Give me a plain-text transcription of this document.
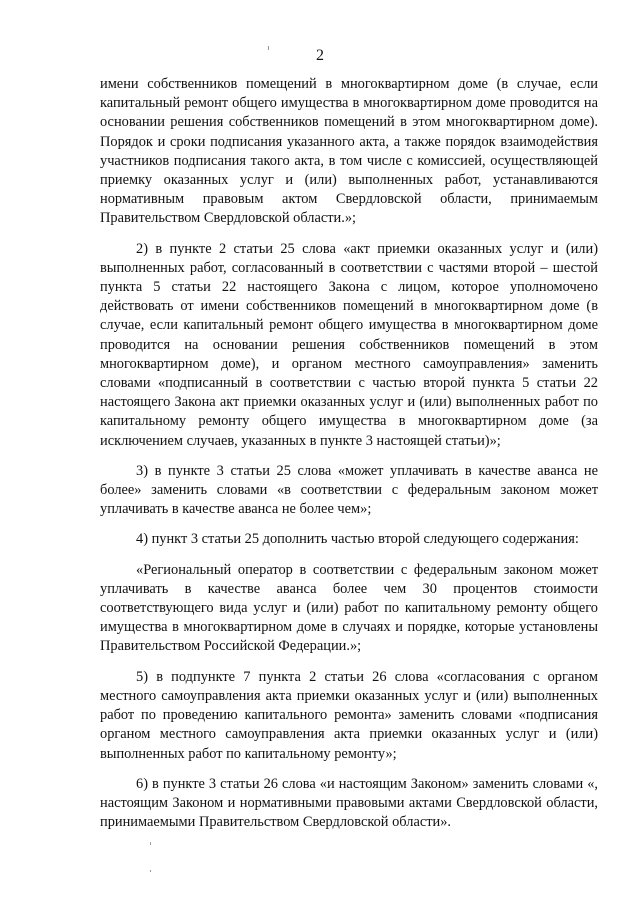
2

имени собственников помещений в многоквартирном доме (в случае, если капитальный ремонт общего имущества в многоквартирном доме проводится на основании решения собственников помещений в этом многоквартирном доме). Порядок и сроки подписания указанного акта, а также порядок взаимодействия участников подписания такого акта, в том числе с комиссией, осуществляющей приемку оказанных услуг и (или) выполненных работ, устанавливаются нормативным правовым актом Свердловской области, принимаемым Правительством Свердловской области.»;

2) в пункте 2 статьи 25 слова «акт приемки оказанных услуг и (или) выполненных работ, согласованный в соответствии с частями второй – шестой пункта 5 статьи 22 настоящего Закона с лицом, которое уполномочено действовать от имени собственников помещений в многоквартирном доме (в случае, если капитальный ремонт общего имущества в многоквартирном доме проводится на основании решения собственников помещений в этом многоквартирном доме), и органом местного самоуправления» заменить словами «подписанный в соответствии с частью второй пункта 5 статьи 22 настоящего Закона акт приемки оказанных услуг и (или) выполненных работ по капитальному ремонту общего имущества в многоквартирном доме (за исключением случаев, указанных в пункте 3 настоящей статьи)»;

3) в пункте 3 статьи 25 слова «может уплачивать в качестве аванса не более» заменить словами «в соответствии с федеральным законом может уплачивать в качестве аванса не более чем»;

4) пункт 3 статьи 25 дополнить частью второй следующего содержания:

«Региональный оператор в соответствии с федеральным законом может уплачивать в качестве аванса более чем 30 процентов стоимости соответствующего вида услуг и (или) работ по капитальному ремонту общего имущества в многоквартирном доме в случаях и порядке, которые установлены Правительством Российской Федерации.»;

5) в подпункте 7 пункта 2 статьи 26 слова «согласования с органом местного самоуправления акта приемки оказанных услуг и (или) выполненных работ по проведению капитального ремонта» заменить словами «подписания органом местного самоуправления акта приемки оказанных услуг и (или) выполненных работ по капитальному ремонту»;

6) в пункте 3 статьи 26 слова «и настоящим Законом» заменить словами «, настоящим Законом и нормативными правовыми актами Свердловской области, принимаемыми Правительством Свердловской области».
